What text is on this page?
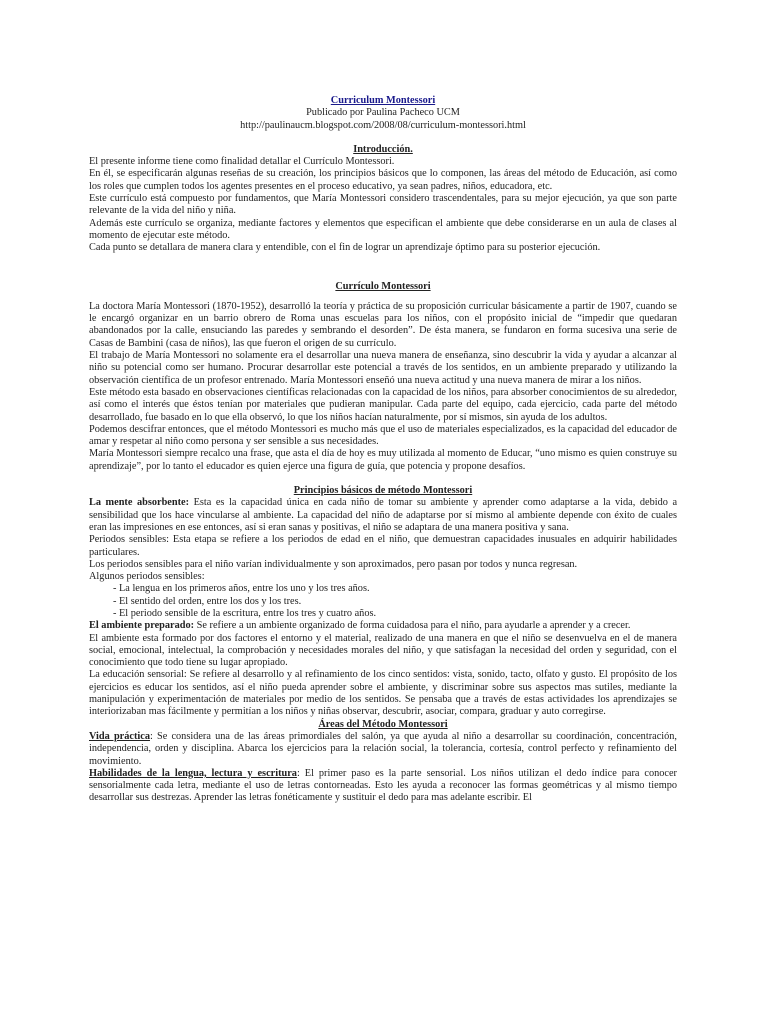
Curriculum Montessori
Publicado por Paulina Pacheco UCM
http://paulinaucm.blogspot.com/2008/08/curriculum-montessori.html
Introducción.

El presente informe tiene como finalidad detallar el Currículo Montessori.

En él, se especificarán algunas reseñas de su creación, los principios básicos que lo componen, las áreas del método de Educación, así como los roles que cumplen todos los agentes presentes en el proceso educativo, ya sean padres, niños, educadora, etc.

Este currículo está compuesto por fundamentos, que María Montessori considero trascendentales, para su mejor ejecución, ya que son parte relevante de la vida del niño y niña.

Además este currículo se organiza, mediante factores y elementos que especifican el ambiente que debe considerarse en un aula de clases al momento de ejecutar este método.

Cada punto se detallara de manera clara y entendible, con el fin de lograr un aprendizaje óptimo para su posterior ejecución.

Currículo Montessori

La doctora María Montessori (1870-1952), desarrolló la teoría y práctica de su proposición curricular básicamente a partir de 1907, cuando se le encargó organizar en un barrio obrero de Roma unas escuelas para los niños, con el propósito inicial de “impedir que quedaran abandonados por la calle, ensuciando las paredes y sembrando el desorden”. De ésta manera, se fundaron en forma sucesiva una serie de Casas de Bambini (casa de niños), las que fueron el origen de su currículo.

El trabajo de María Montessori no solamente era el desarrollar una nueva manera de enseñanza, sino descubrir la vida y ayudar a alcanzar al niño su potencial como ser humano. Procurar desarrollar este potencial a través de los sentidos, en un ambiente preparado y utilizando la observación científica de un profesor entrenado. María Montessori enseñó una nueva actitud y una nueva manera de mirar a los niños.

Este método esta basado en observaciones científicas relacionadas con la capacidad de los niños, para absorber conocimientos de su alrededor, así como el interés que éstos tenían por materiales que pudieran manipular. Cada parte del equipo, cada ejercicio, cada parte del método desarrollado, fue basado en lo que ella observó, lo que los niños hacían naturalmente, por sí mismos, sin ayuda de los adultos.

Podemos descifrar entonces, que el método Montessori es mucho más que el uso de materiales especializados, es la capacidad del educador de amar y respetar al niño como persona y ser sensible a sus necesidades.

María Montessori siempre recalco una frase, que asta el día de hoy es muy utilizada al momento de Educar, “uno mismo es quien construye su aprendizaje”, por lo tanto el educador es quien ejerce una figura de guía, que potencia y propone desafíos.

Principios básicos de método Montessori

La mente absorbente: Esta es la capacidad única en cada niño de tomar su ambiente y aprender como adaptarse a la vida, debido a sensibilidad que los hace vincularse al ambiente. La capacidad del niño de adaptarse por sí mismo al ambiente depende con éxito de cuales eran las impresiones en ese entonces, así si eran sanas y positivas, el niño se adaptara de una manera positiva y sana.

Periodos sensibles: Esta etapa se refiere a los periodos de edad en el niño, que demuestran capacidades inusuales en adquirir habilidades particulares.

Los periodos sensibles para el niño varían individualmente y son aproximados, pero pasan por todos y nunca regresan.

Algunos periodos sensibles:

- La lengua en los primeros años, entre los uno y los tres años.
- El sentido del orden, entre los dos y los tres.
- El periodo sensible de la escritura, entre los tres y cuatro años.

El ambiente preparado: Se refiere a un ambiente organizado de forma cuidadosa para el niño, para ayudarle a aprender y a crecer.

El ambiente esta formado por dos factores el entorno y el material, realizado de una manera en que el niño se desenvuelva en el de manera social, emocional, intelectual, la comprobación y necesidades morales del niño, y que satisfagan la necesidad del orden y seguridad, con el conocimiento que todo tiene su lugar apropiado.

La educación sensorial: Se refiere al desarrollo y al refinamiento de los cinco sentidos: vista, sonido, tacto, olfato y gusto. El propósito de los ejercicios es educar los sentidos, así el niño pueda aprender sobre el ambiente, y discriminar sobre sus aspectos mas sutiles, mediante la manipulación y experimentación de materiales por medio de los sentidos. Se pensaba que a través de estas actividades los aprendizajes se interiorizaban mas fácilmente y permitían a los niños y niñas observar, descubrir, asociar, compara, graduar y auto corregirse.

Áreas del Método Montessori

Vida práctica: Se considera una de las áreas primordiales del salón, ya que ayuda al niño a desarrollar su coordinación, concentración, independencia, orden y disciplina. Abarca los ejercicios para la relación social, la tolerancia, cortesía, control perfecto y refinamiento del movimiento.

Habilidades de la lengua, lectura y escritura: El primer paso es la parte sensorial. Los niños utilizan el dedo índice para conocer sensorialmente cada letra, mediante el uso de letras contorneadas. Esto les ayuda a reconocer las formas geométricas y al mismo tiempo desarrollar sus destrezas. Aprender las letras fonéticamente y sustituir el dedo para mas adelante escribir. El
